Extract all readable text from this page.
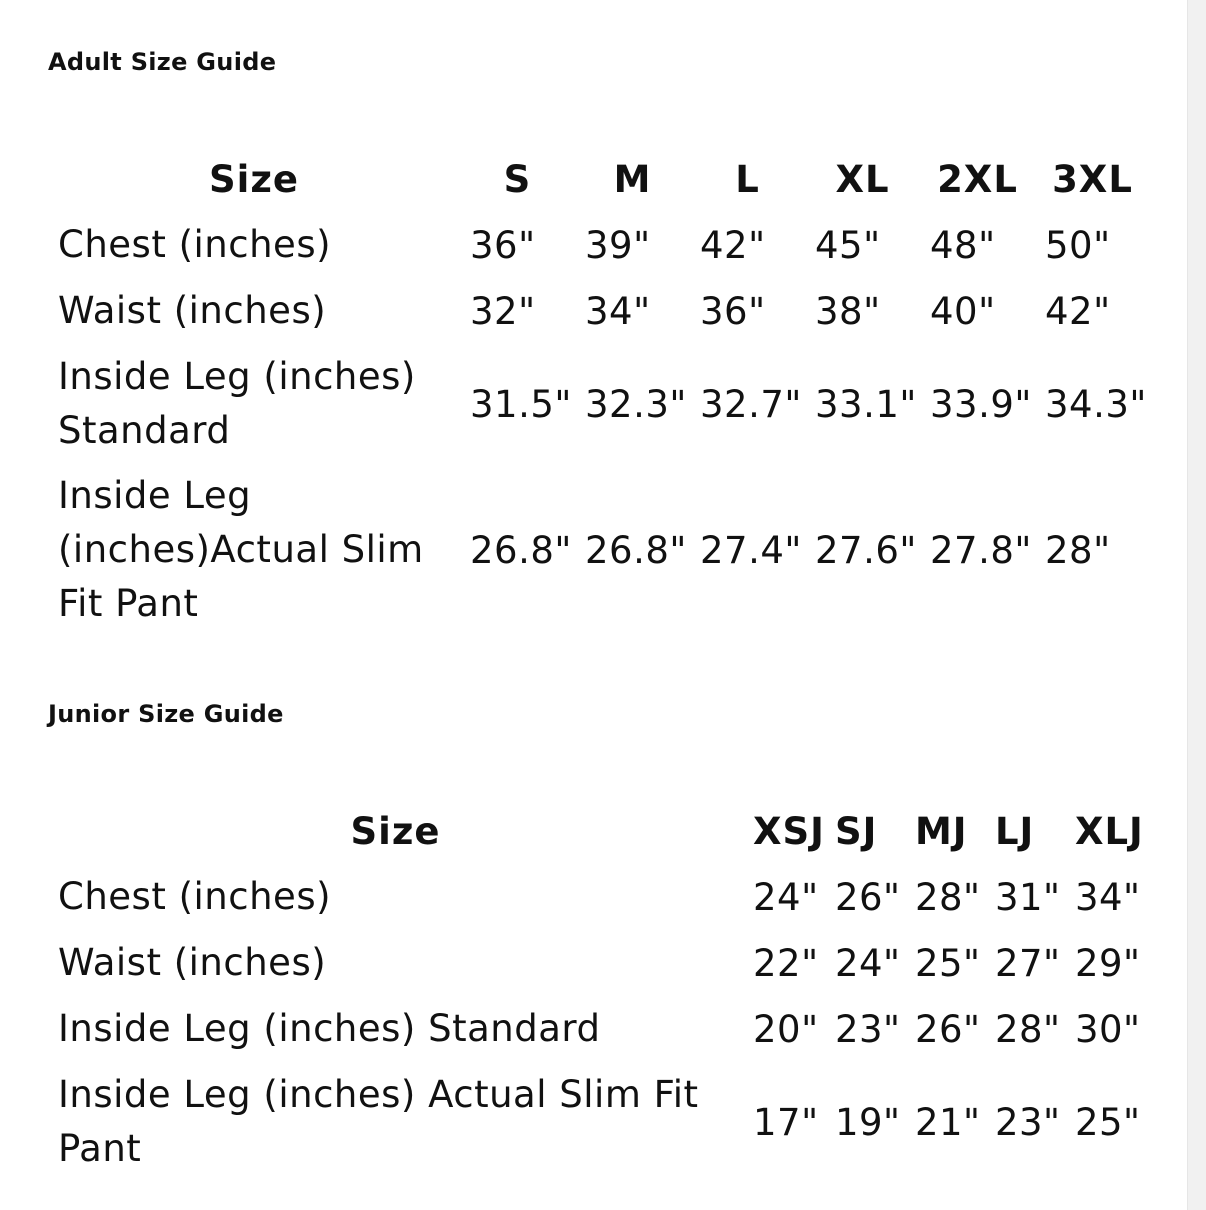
Adult Size Guide
Size	S	M	L	XL	2XL	3XL
Chest (inches)	36"	39"	42"	45"	48"	50"
Waist (inches)	32"	34"	36"	38"	40"	42"
Inside Leg (inches) Standard	31.5"	32.3"	32.7"	33.1"	33.9"	34.3"
Inside Leg (inches)Actual Slim Fit Pant	26.8"	26.8"	27.4"	27.6"	27.8"	28"
Junior Size Guide
Size	XSJ	SJ	MJ	LJ	XLJ
Chest (inches)	24"	26"	28"	31"	34"
Waist (inches)	22"	24"	25"	27"	29"
Inside Leg (inches) Standard	20"	23"	26"	28"	30"
Inside Leg (inches) Actual Slim Fit Pant	17"	19"	21"	23"	25"
